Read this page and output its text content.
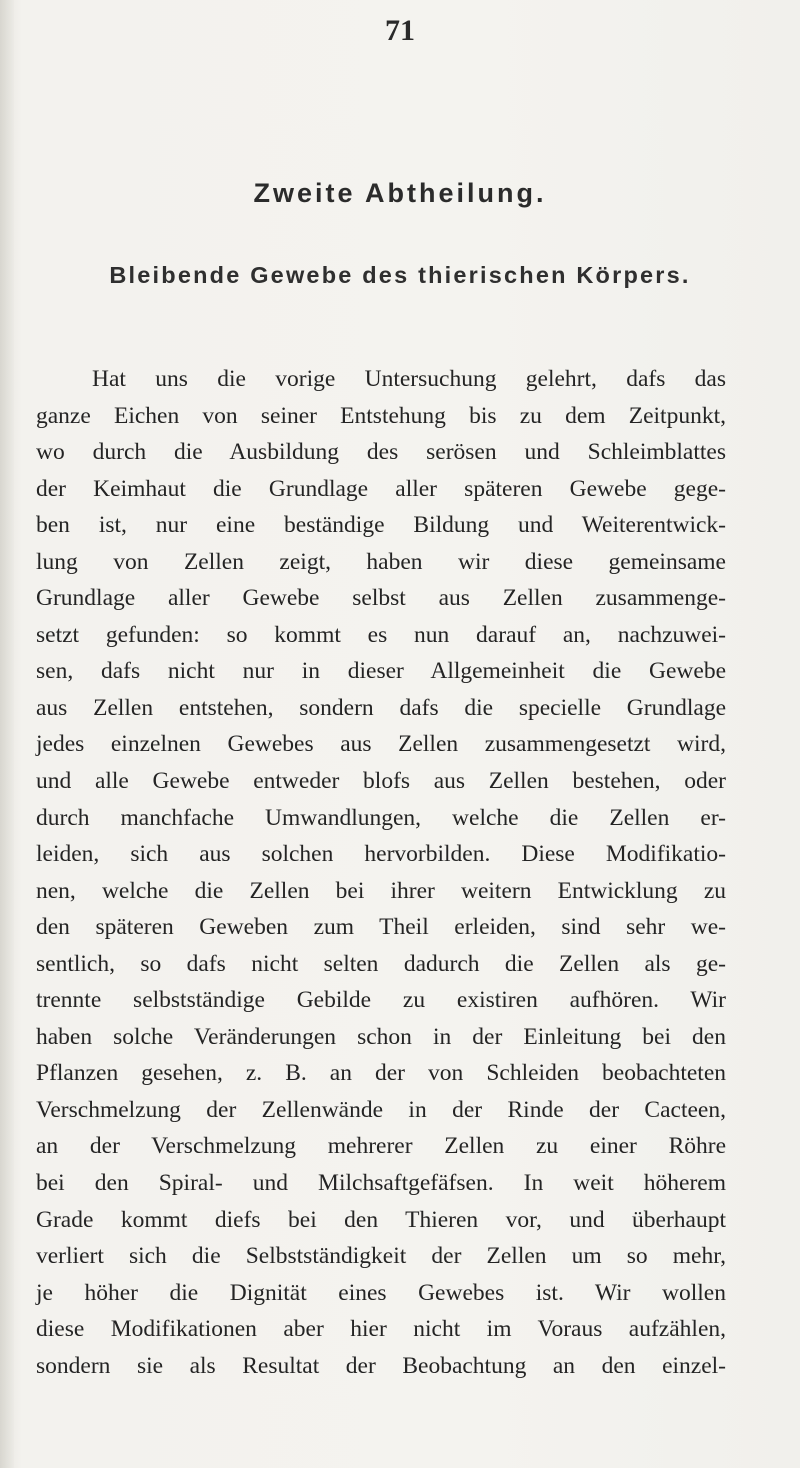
71
Zweite Abtheilung.
Bleibende Gewebe des thierischen Körpers.
Hat uns die vorige Untersuchung gelehrt, dafs das
ganze Eichen von seiner Entstehung bis zu dem Zeitpunkt,
wo durch die Ausbildung des serösen und Schleimblattes
der Keimhaut die Grundlage aller späteren Gewebe gege-
ben ist, nur eine beständige Bildung und Weiterentwick-
lung von Zellen zeigt, haben wir diese gemeinsame
Grundlage aller Gewebe selbst aus Zellen zusammenge-
setzt gefunden: so kommt es nun darauf an, nachzuwei-
sen, dafs nicht nur in dieser Allgemeinheit die Gewebe
aus Zellen entstehen, sondern dafs die specielle Grundlage
jedes einzelnen Gewebes aus Zellen zusammengesetzt wird,
und alle Gewebe entweder blofs aus Zellen bestehen, oder
durch manchfache Umwandlungen, welche die Zellen er-
leiden, sich aus solchen hervorbilden. Diese Modifikatio-
nen, welche die Zellen bei ihrer weitern Entwicklung zu
den späteren Geweben zum Theil erleiden, sind sehr we-
sentlich, so dafs nicht selten dadurch die Zellen als ge-
trennte selbstständige Gebilde zu existiren aufhören. Wir
haben solche Veränderungen schon in der Einleitung bei den
Pflanzen gesehen, z. B. an der von Schleiden beobachteten
Verschmelzung der Zellenwände in der Rinde der Cacteen,
an der Verschmelzung mehrerer Zellen zu einer Röhre
bei den Spiral- und Milchsaftgefäfsen. In weit höherem
Grade kommt diefs bei den Thieren vor, und überhaupt
verliert sich die Selbstständigkeit der Zellen um so mehr,
je höher die Dignität eines Gewebes ist. Wir wollen
diese Modifikationen aber hier nicht im Voraus aufzählen,
sondern sie als Resultat der Beobachtung an den einzel-
